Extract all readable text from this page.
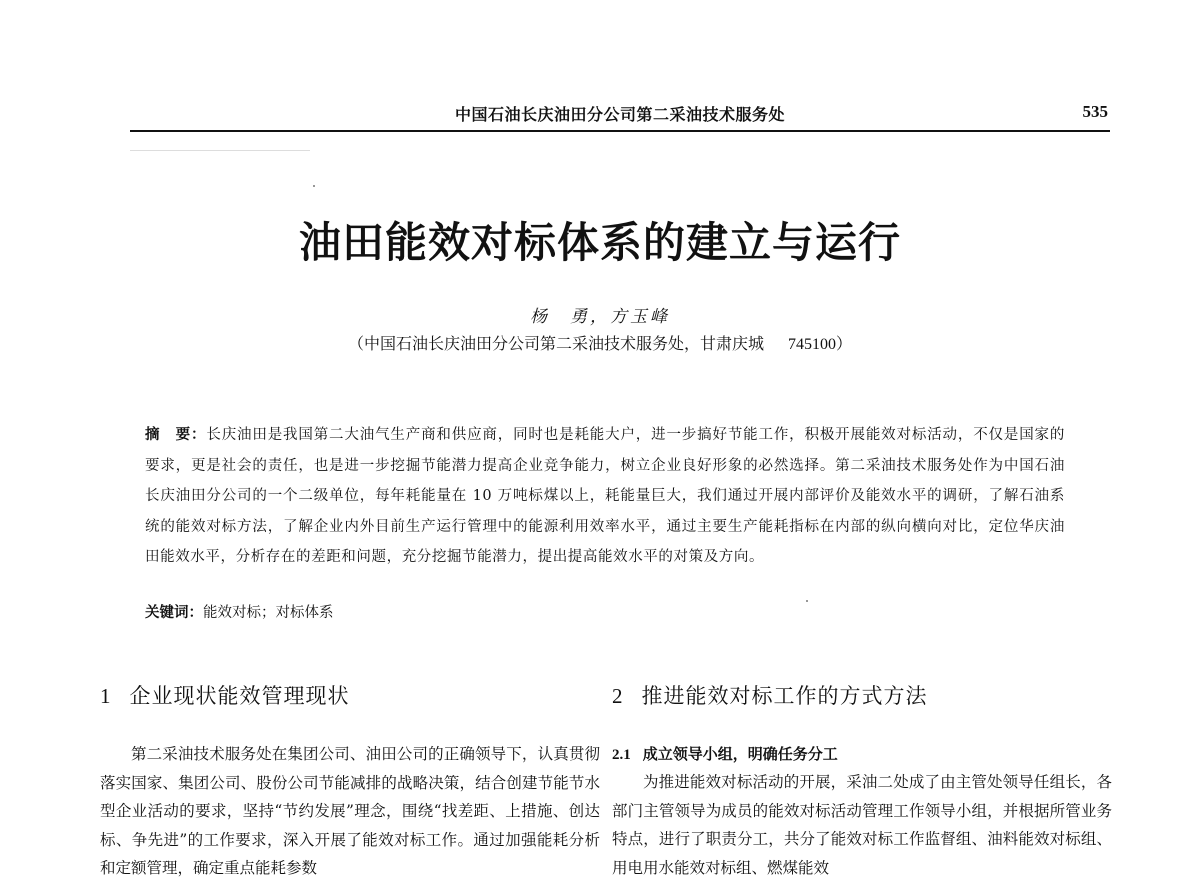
中国石油长庆油田分公司第二采油技术服务处	535
油田能效对标体系的建立与运行
杨　勇，方玉峰
（中国石油长庆油田分公司第二采油技术服务处，甘肃庆城 745100）
摘　要：长庆油田是我国第二大油气生产商和供应商，同时也是耗能大户，进一步搞好节能工作，积极开展能效对标活动，不仅是国家的要求，更是社会的责任，也是进一步挖掘节能潜力提高企业竞争能力，树立企业良好形象的必然选择。第二采油技术服务处作为中国石油长庆油田分公司的一个二级单位，每年耗能量在 10 万吨标煤以上，耗能量巨大，我们通过开展内部评价及能效水平的调研，了解石油系统的能效对标方法，了解企业内外目前生产运行管理中的能源利用效率水平，通过主要生产能耗指标在内部的纵向横向对比，定位华庆油田能效水平，分析存在的差距和问题，充分挖掘节能潜力，提出提高能效水平的对策及方向。
关键词：能效对标；对标体系
1 企业现状能效管理现状

第二采油技术服务处在集团公司、油田公司的正确领导下，认真贯彻落实国家、集团公司、股份公司节能减排的战略决策，结合创建节能节水型企业活动的要求，坚持“节约发展”理念，围绕“找差距、上措施、创达标、争先进”的工作要求，深入开展了能效对标工作。通过加强能耗分析和定额管理，确定重点能耗参数

2 推进能效对标工作的方式方法
2.1 成立领导小组，明确任务分工

为推进能效对标活动的开展，采油二处成了由主管处领导任组长，各部门主管领导为成员的能效对标活动管理工作领导小组，并根据所管业务特点，进行了职责分工，共分了能效对标工作监督组、油料能效对标组、用电用水能效对标组、燃煤能效
